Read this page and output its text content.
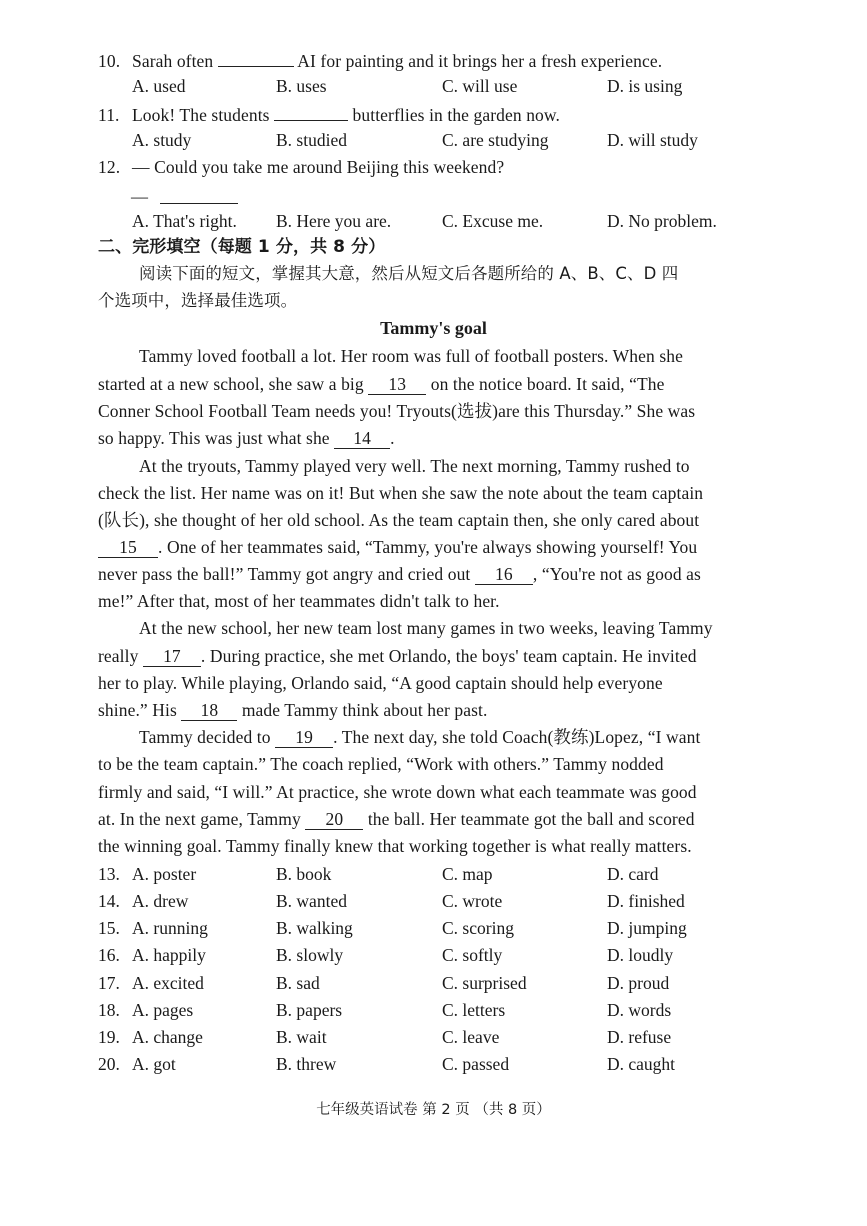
10. Sarah often	AI for painting and it brings her a fresh experience.
A. used	B. uses	C. will use	D. is using
11. Look! The students	butterflies in the garden now.
A. study	B. studied	C. are studying	D. will study
12. — Could you take me around Beijing this weekend?
—
A. That's right. B. Here you are.	C. Excuse me.	D. No problem.
二、完形填空（每题 1 分，共 8 分）
阅读下面的短文，掌握其大意，然后从短文后各题所给的 A、B、C、D 四
个选项中，选择最佳选项。
Tammy's goal
Tammy loved football a lot. Her room was full of football posters. When she
started at a new school, she saw a big 13 on the notice board. It said, “The
Conner School Football Team needs you! Tryouts(选拔)are this Thursday.” She was
so happy. This was just what she 14 .
At the tryouts, Tammy played very well. The next morning, Tammy rushed to
check the list. Her name was on it! But when she saw the note about the team captain
(队长), she thought of her old school. As the team captain then, she only cared about
15 . One of her teammates said, “Tammy, you're always showing yourself! You
never pass the ball!” Tammy got angry and cried out 16 , “You're not as good as
me!” After that, most of her teammates didn't talk to her.
At the new school, her new team lost many games in two weeks, leaving Tammy
really 17 . During practice, she met Orlando, the boys' team captain. He invited
her to play. While playing, Orlando said, “A good captain should help everyone
shine.” His 18 made Tammy think about her past.
Tammy decided to 19 . The next day, she told Coach(教练)Lopez, “I want
to be the team captain.” The coach replied, “Work with others.” Tammy nodded
firmly and said, “I will.” At practice, she wrote down what each teammate was good
at. In the next game, Tammy 20 the ball. Her teammate got the ball and scored
the winning goal. Tammy finally knew that working together is what really matters.
13. A. poster	B. book	C. map	D. card
14. A. drew	B. wanted	C. wrote	D. finished
15. A. running	B. walking	C. scoring	D. jumping
16. A. happily	B. slowly	C. softly	D. loudly
17. A. excited	B. sad	C. surprised	D. proud
18. A. pages	B. papers	C. letters	D. words
19. A. change	B. wait	C. leave	D. refuse
20. A. got	B. threw	C. passed	D. caught
七年级英语试卷 第 2 页 （共 8 页）
